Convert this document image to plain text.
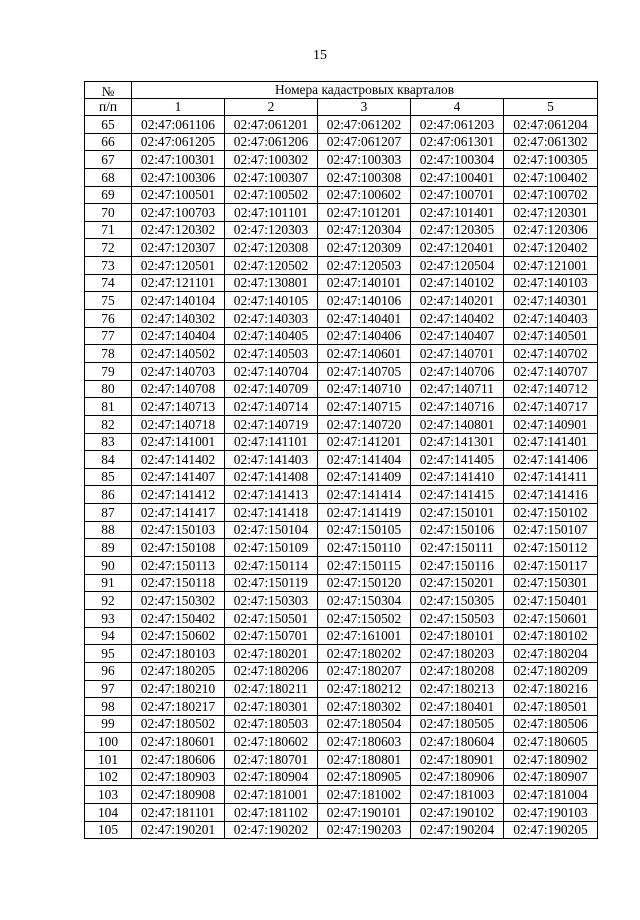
15
№	Номера кадастровых кварталов				
п/п	1	2	3	4	5
65	02:47:061106	02:47:061201	02:47:061202	02:47:061203	02:47:061204
66	02:47:061205	02:47:061206	02:47:061207	02:47:061301	02:47:061302
67	02:47:100301	02:47:100302	02:47:100303	02:47:100304	02:47:100305
68	02:47:100306	02:47:100307	02:47:100308	02:47:100401	02:47:100402
69	02:47:100501	02:47:100502	02:47:100602	02:47:100701	02:47:100702
70	02:47:100703	02:47:101101	02:47:101201	02:47:101401	02:47:120301
71	02:47:120302	02:47:120303	02:47:120304	02:47:120305	02:47:120306
72	02:47:120307	02:47:120308	02:47:120309	02:47:120401	02:47:120402
73	02:47:120501	02:47:120502	02:47:120503	02:47:120504	02:47:121001
74	02:47:121101	02:47:130801	02:47:140101	02:47:140102	02:47:140103
75	02:47:140104	02:47:140105	02:47:140106	02:47:140201	02:47:140301
76	02:47:140302	02:47:140303	02:47:140401	02:47:140402	02:47:140403
77	02:47:140404	02:47:140405	02:47:140406	02:47:140407	02:47:140501
78	02:47:140502	02:47:140503	02:47:140601	02:47:140701	02:47:140702
79	02:47:140703	02:47:140704	02:47:140705	02:47:140706	02:47:140707
80	02:47:140708	02:47:140709	02:47:140710	02:47:140711	02:47:140712
81	02:47:140713	02:47:140714	02:47:140715	02:47:140716	02:47:140717
82	02:47:140718	02:47:140719	02:47:140720	02:47:140801	02:47:140901
83	02:47:141001	02:47:141101	02:47:141201	02:47:141301	02:47:141401
84	02:47:141402	02:47:141403	02:47:141404	02:47:141405	02:47:141406
85	02:47:141407	02:47:141408	02:47:141409	02:47:141410	02:47:141411
86	02:47:141412	02:47:141413	02:47:141414	02:47:141415	02:47:141416
87	02:47:141417	02:47:141418	02:47:141419	02:47:150101	02:47:150102
88	02:47:150103	02:47:150104	02:47:150105	02:47:150106	02:47:150107
89	02:47:150108	02:47:150109	02:47:150110	02:47:150111	02:47:150112
90	02:47:150113	02:47:150114	02:47:150115	02:47:150116	02:47:150117
91	02:47:150118	02:47:150119	02:47:150120	02:47:150201	02:47:150301
92	02:47:150302	02:47:150303	02:47:150304	02:47:150305	02:47:150401
93	02:47:150402	02:47:150501	02:47:150502	02:47:150503	02:47:150601
94	02:47:150602	02:47:150701	02:47:161001	02:47:180101	02:47:180102
95	02:47:180103	02:47:180201	02:47:180202	02:47:180203	02:47:180204
96	02:47:180205	02:47:180206	02:47:180207	02:47:180208	02:47:180209
97	02:47:180210	02:47:180211	02:47:180212	02:47:180213	02:47:180216
98	02:47:180217	02:47:180301	02:47:180302	02:47:180401	02:47:180501
99	02:47:180502	02:47:180503	02:47:180504	02:47:180505	02:47:180506
100	02:47:180601	02:47:180602	02:47:180603	02:47:180604	02:47:180605
101	02:47:180606	02:47:180701	02:47:180801	02:47:180901	02:47:180902
102	02:47:180903	02:47:180904	02:47:180905	02:47:180906	02:47:180907
103	02:47:180908	02:47:181001	02:47:181002	02:47:181003	02:47:181004
104	02:47:181101	02:47:181102	02:47:190101	02:47:190102	02:47:190103
105	02:47:190201	02:47:190202	02:47:190203	02:47:190204	02:47:190205
